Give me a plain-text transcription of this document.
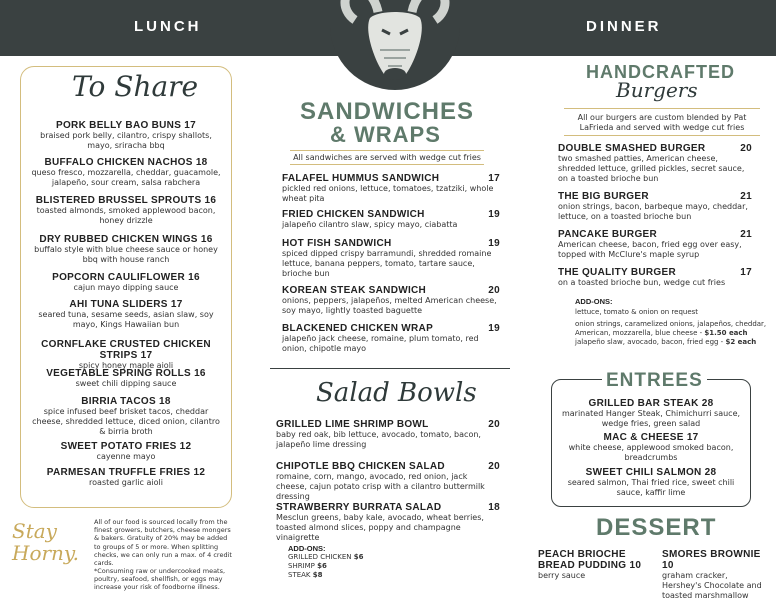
LUNCH	DINNER
To Share
PORK BELLY BAO BUNS 17
braised pork belly, cilantro, crispy shallots, mayo, sriracha bbq
BUFFALO CHICKEN NACHOS 18
queso fresco, mozzarella, cheddar, guacamole, jalapeño, sour cream, salsa rabchera
BLISTERED BRUSSEL SPROUTS 16
toasted almonds, smoked applewood bacon, honey drizzle
DRY RUBBED CHICKEN WINGS 16
buffalo style with blue cheese sauce or honey bbq with house ranch
POPCORN CAULIFLOWER 16
cajun mayo dipping sauce
AHI TUNA SLIDERS 17
seared tuna, sesame seeds, asian slaw, soy mayo, Kings Hawaiian bun
CORNFLAKE CRUSTED CHICKEN STRIPS 17
spicy honey maple aioli
VEGETABLE SPRING ROLLS 16
sweet chili dipping sauce
BIRRIA TACOS 18
spice infused beef brisket tacos, cheddar cheese, shredded lettuce, diced onion, cilantro & birria broth
SWEET POTATO FRIES 12
cayenne mayo
PARMESAN TRUFFLE FRIES 12
roasted garlic aioli
Stay Horny.
All of our food is sourced locally from the finest growers, butchers, cheese mongers & bakers. Gratuity of 20% may be added to groups of 5 or more. When splitting checks, we can only run a max. of 4 credit cards.
*Consuming raw or undercooked meats, poultry, seafood, shellfish, or eggs may increase your risk of foodborne illness.
SANDWICHES
& WRAPS
All sandwiches are served with wedge cut fries
FALAFEL HUMMUS SANDWICH
pickled red onions, lettuce, tomatoes, tzatziki, whole wheat pita
17
FRIED CHICKEN SANDWICH
jalapeño cilantro slaw, spicy mayo, ciabatta
19
HOT FISH SANDWICH
spiced dipped crispy barramundi, shredded romaine lettuce, banana peppers, tomato, tartare sauce, brioche bun
19
KOREAN STEAK SANDWICH
onions, peppers, jalapeños, melted American cheese, soy mayo, lightly toasted baguette
20
BLACKENED CHICKEN WRAP
jalapeño jack cheese, romaine, plum tomato, red onion, chipotle mayo
19
Salad Bowls
GRILLED LIME SHRIMP BOWL
baby red oak, bib lettuce, avocado, tomato, bacon, jalapeño lime dressing
20
CHIPOTLE BBQ CHICKEN SALAD
romaine, corn, mango, avocado, red onion, jack cheese, cajun potato crisp with a cilantro buttermilk dressing
20
STRAWBERRY BURRATA SALAD
Mesclun greens, baby kale, avocado, wheat berries, toasted almond slices, poppy and champagne vinaigrette
18
ADD-ONS:
GRILLED CHICKEN $6
SHRIMP $6
STEAK $8
HANDCRAFTED
Burgers
All our burgers are custom blended by Pat LaFrieda and served with wedge cut fries
DOUBLE SMASHED BURGER
two smashed patties, American cheese, shredded lettuce, grilled pickles, secret sauce, on a toasted brioche bun
20
THE BIG BURGER
onion strings, bacon, barbeque mayo, cheddar, lettuce, on a toasted brioche bun
21
PANCAKE BURGER
American cheese, bacon, fried egg over easy, topped with McClure's maple syrup
21
THE QUALITY BURGER
on a toasted brioche bun, wedge cut fries
17
ADD-ONS:
lettuce, tomato & onion on request
onion strings, caramelized onions, jalapeños, cheddar, American, mozzarella, blue cheese - $1.50 each
jalapeño slaw, avocado, bacon, fried egg - $2 each
ENTREES
GRILLED BAR STEAK 28
marinated Hanger Steak, Chimichurri sauce, wedge fries, green salad
MAC & CHEESE 17
white cheese, applewood smoked bacon, breadcrumbs
SWEET CHILI SALMON 28
seared salmon, Thai fried rice, sweet chili sauce, kaffir lime
DESSERT
PEACH BRIOCHE BREAD PUDDING 10
berry sauce
SMORES BROWNIE 10
graham cracker, Hershey's Chocolate and toasted marshmallow
